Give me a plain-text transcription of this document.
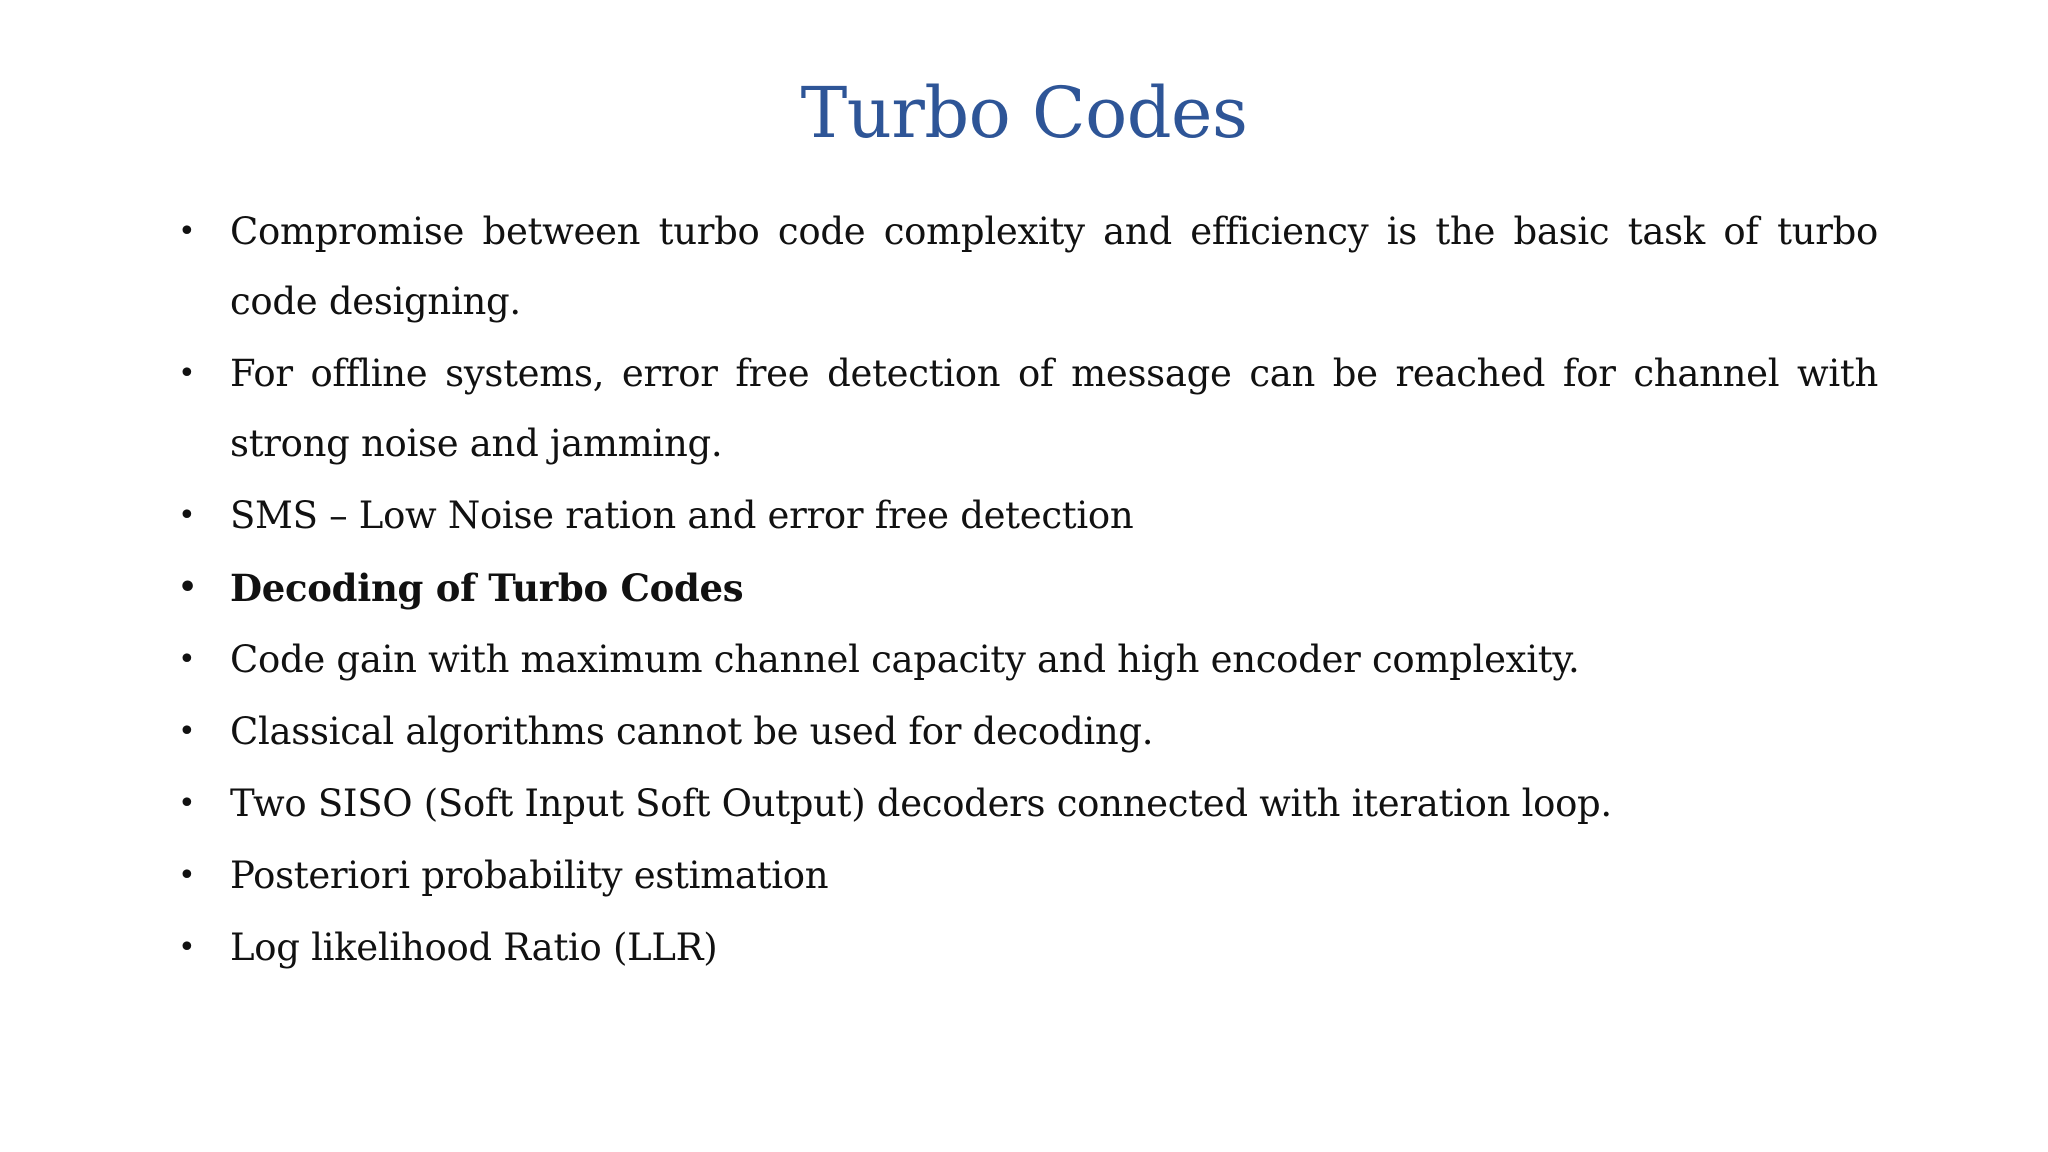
Turbo Codes
• Compromise between turbo code complexity and efficiency is the basic task of turbo code designing.
• For offline systems, error free detection of message can be reached for channel with strong noise and jamming.
• SMS – Low Noise ration and error free detection
• Decoding of Turbo Codes
• Code gain with maximum channel capacity and high encoder complexity.
• Classical algorithms cannot be used for decoding.
• Two SISO (Soft Input Soft Output) decoders connected with iteration loop.
• Posteriori probability estimation
• Log likelihood Ratio (LLR)
